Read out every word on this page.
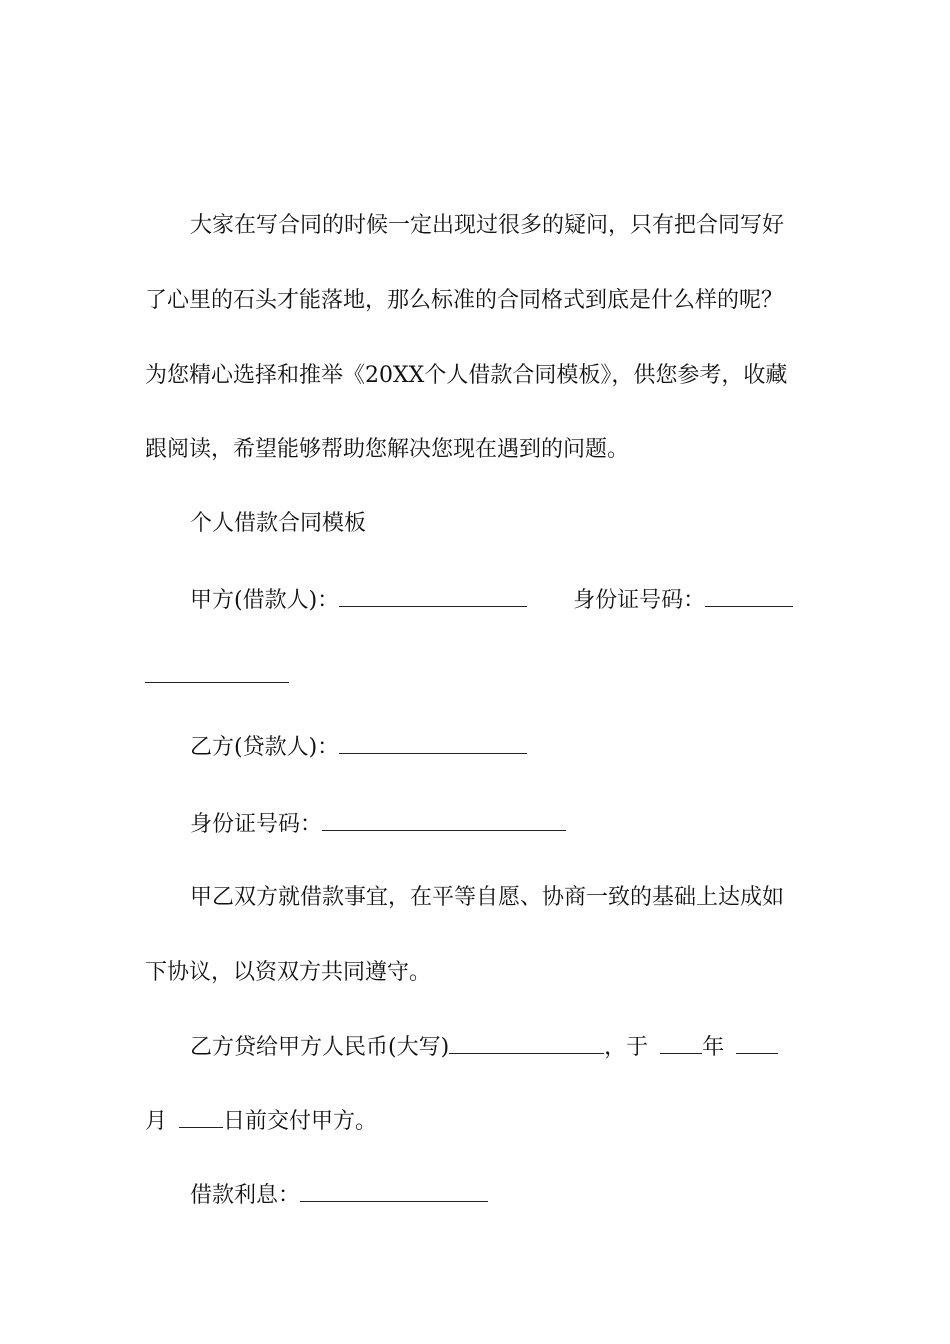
大家在写合同的时候一定出现过很多的疑问，只有把合同写好
了心里的石头才能落地，那么标准的合同格式到底是什么样的呢？
为您精心选择和推举《20XX个人借款合同模板》，供您参考，收藏
跟阅读，希望能够帮助您解决您现在遇到的问题。
个人借款合同模板
甲方(借款人)：	身份证号码：
乙方(贷款人)：
身份证号码：
甲乙双方就借款事宜，在平等自愿、协商一致的基础上达成如
下协议，以资双方共同遵守。
乙方贷给甲方人民币(大写)	，于 年
月	日前交付甲方。
借款利息：
